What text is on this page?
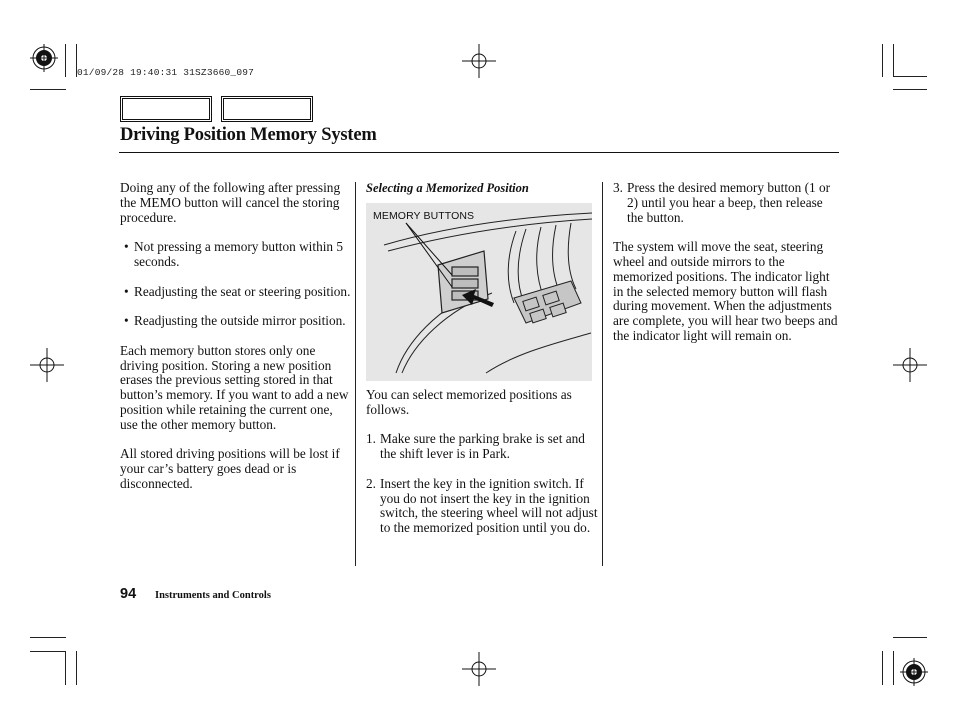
01/09/28 19:40:31 31SZ3660_097
Driving Position Memory System

Doing any of the following after pressing the MEMO button will cancel the storing procedure.

• Not pressing a memory button within 5 seconds.
• Readjusting the seat or steering position.
• Readjusting the outside mirror position.

Each memory button stores only one driving position. Storing a new position erases the previous setting stored in that button’s memory. If you want to add a new position while retaining the current one, use the other memory button.

All stored driving positions will be lost if your car’s battery goes dead or is disconnected.

Selecting a Memorized Position
MEMORY BUTTONS

You can select memorized positions as follows.

1. Make sure the parking brake is set and the shift lever is in Park.
2. Insert the key in the ignition switch. If you do not insert the key in the ignition switch, the steering wheel will not adjust to the memorized position until you do.
3. Press the desired memory button (1 or 2) until you hear a beep, then release the button.

The system will move the seat, steering wheel and outside mirrors to the memorized positions. The indicator light in the selected memory button will flash during movement. When the adjustments are complete, you will hear two beeps and the indicator light will remain on.

94 Instruments and Controls
